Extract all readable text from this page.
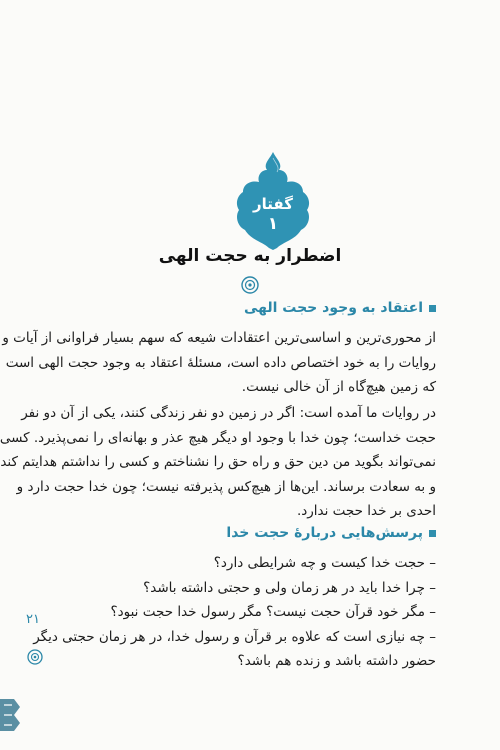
گفتار
۱
اضطرار به حجت الهی
اعتقاد به وجود حجت الهی
از محوری‌ترین و اساسی‌ترین اعتقادات شیعه که سهم بسیار فراوانی از آیات و
روایات را به خود اختصاص داده است، مسئلۀ اعتقاد به وجود حجت الهی است
که زمین هیچ‌گاه از آن خالی نیست.
در روایات ما آمده است: اگر در زمین دو نفر زندگی کنند، یکی از آن دو نفر
حجت خداست؛ چون خدا با وجود او دیگر هیچ عذر و بهانه‌ای را نمی‌پذیرد. کسی
نمی‌تواند بگوید من دین حق و راه حق را نشناختم و کسی را نداشتم هدایتم کند
و به سعادت برساند. این‌ها از هیچ‌کس پذیرفته نیست؛ چون خدا حجت دارد و
احدی بر خدا حجت ندارد.
پرسش‌هایی دربارۀ حجت خدا
– حجت خدا کیست و چه شرایطی دارد؟
– چرا خدا باید در هر زمان ولی و حجتی داشته باشد؟
– مگر خود قرآن حجت نیست؟ مگر رسول خدا حجت نبود؟
– چه نیازی است که علاوه بر قرآن و رسول خدا، در هر زمان حجتی دیگر
حضور داشته باشد و زنده هم باشد؟
۲۱
